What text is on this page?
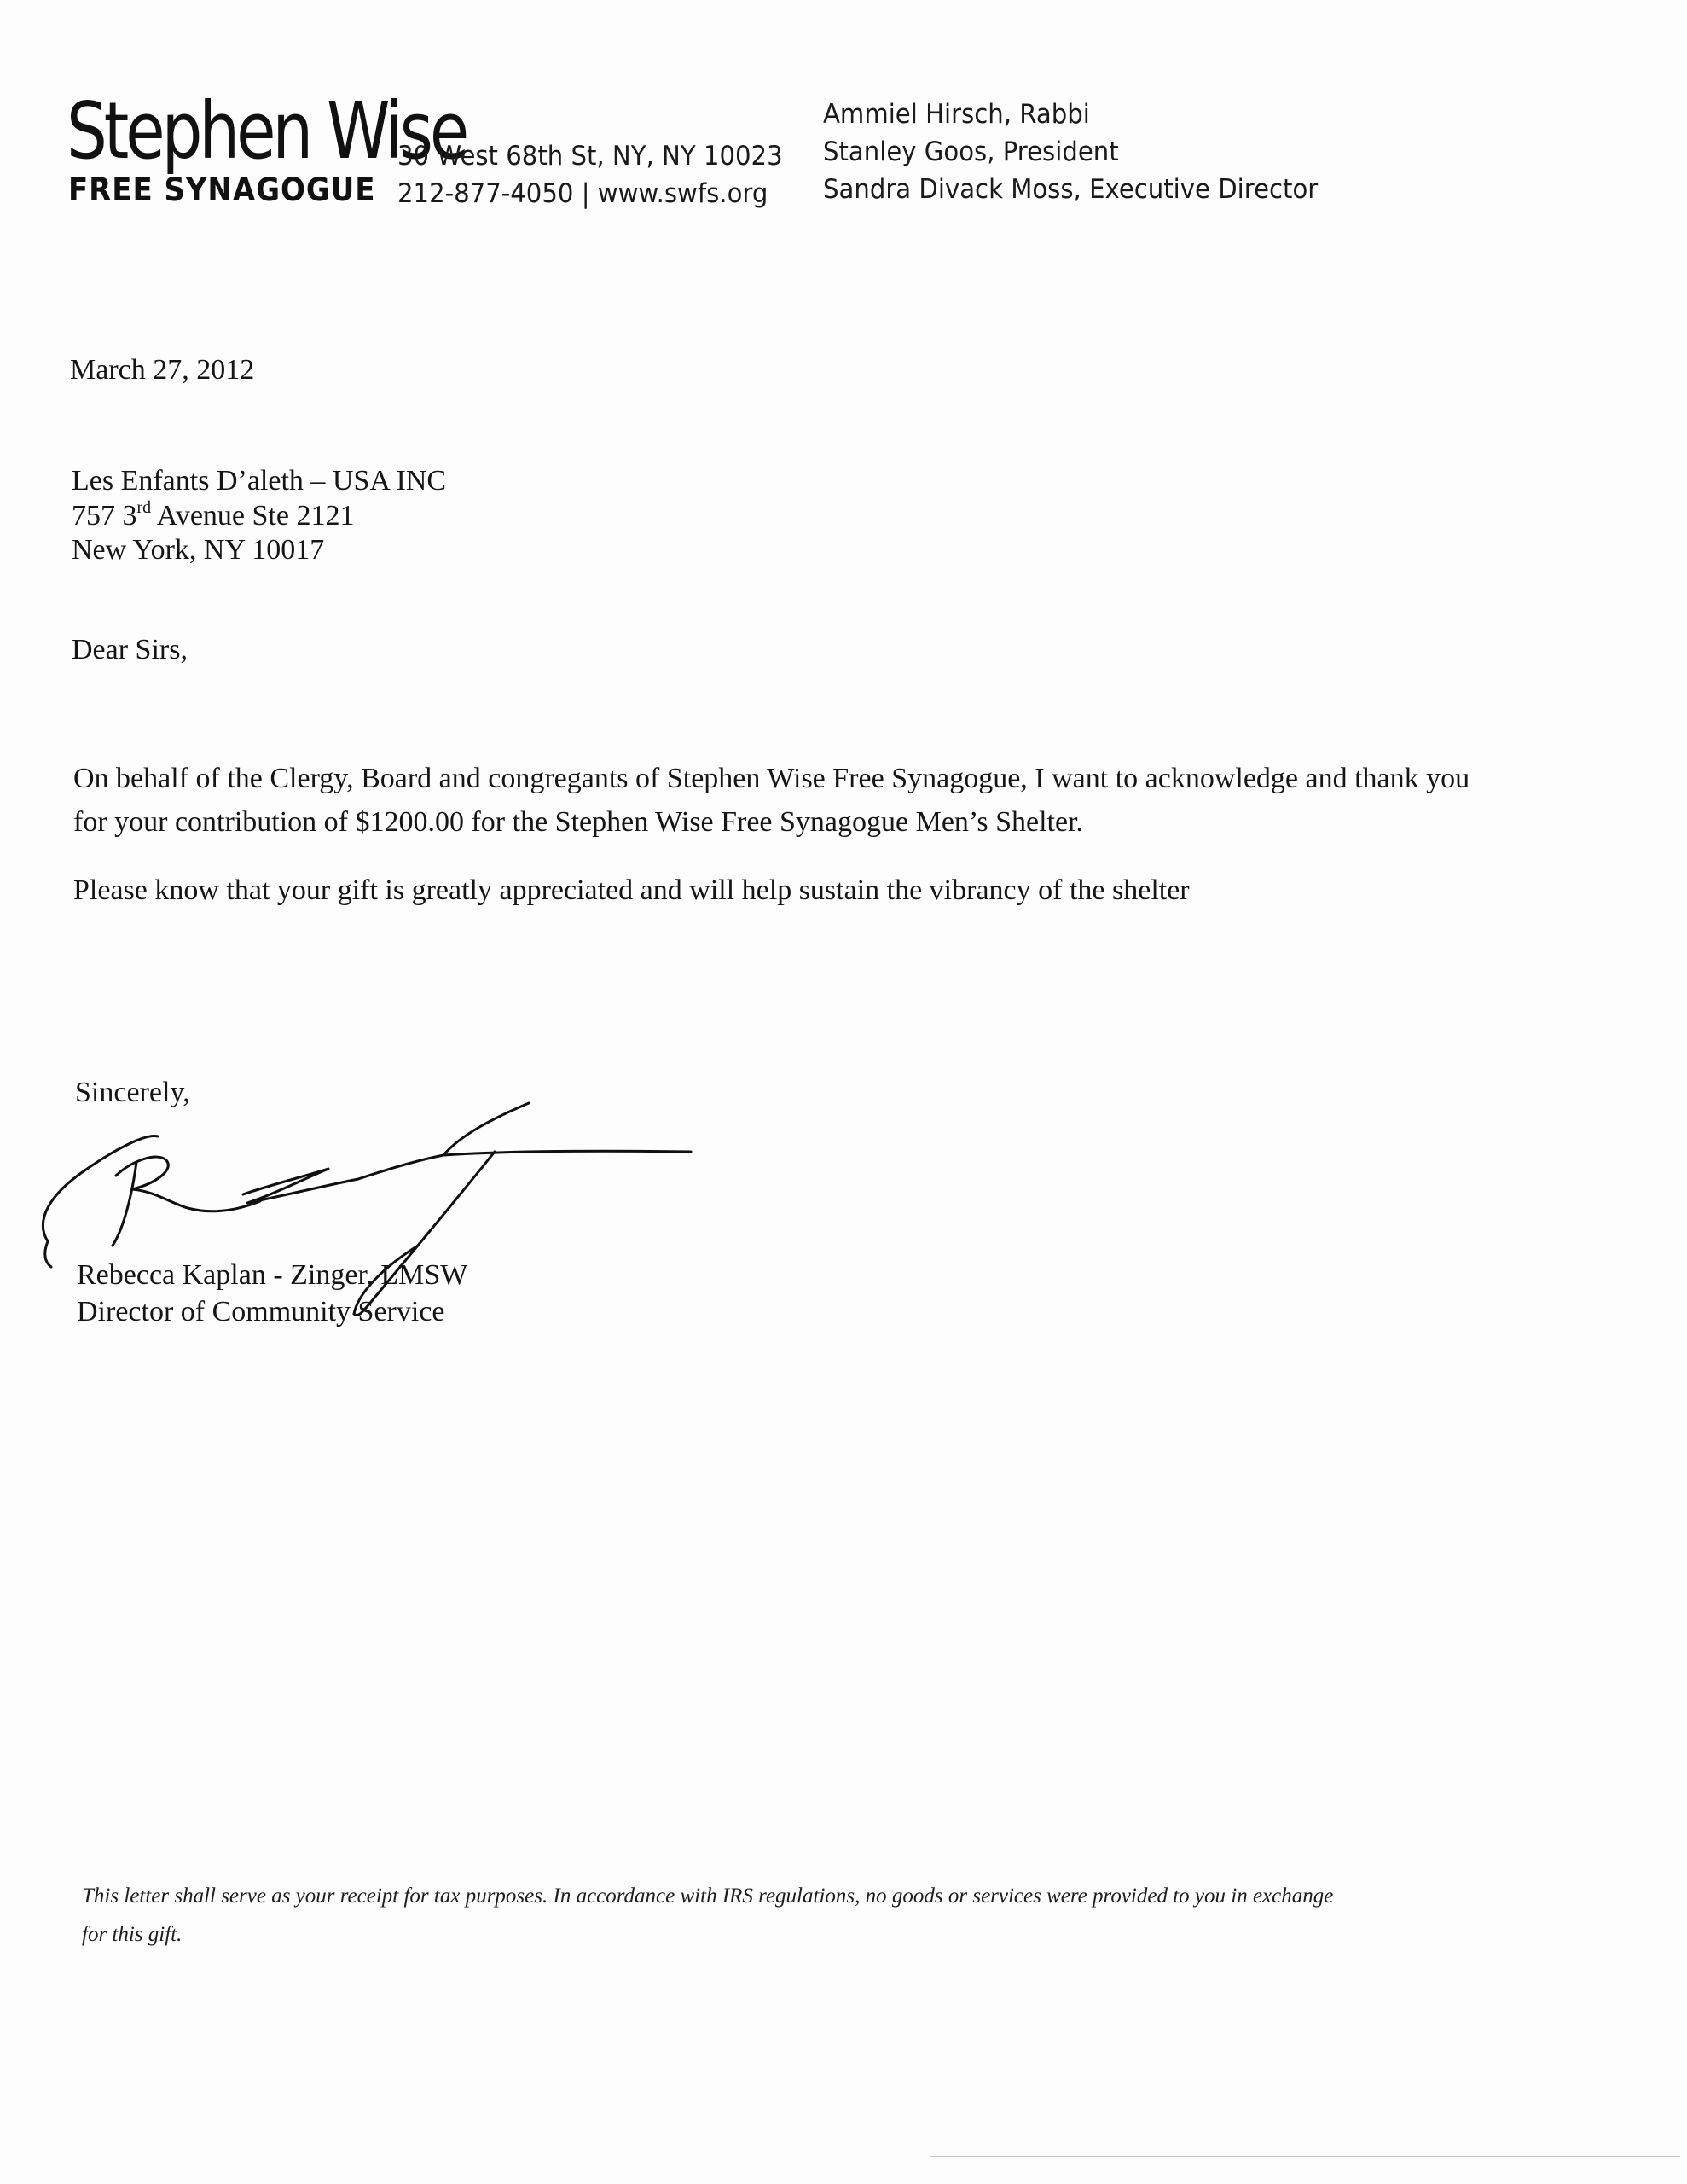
Stephen Wise
FREE SYNAGOGUE
30 West 68th St, NY, NY 10023
212-877-4050 | www.swfs.org
Ammiel Hirsch, Rabbi
Stanley Goos, President
Sandra Divack Moss, Executive Director
March 27, 2012
Les Enfants D’aleth – USA INC
757 3rd Avenue Ste 2121
New York, NY 10017
Dear Sirs,
On behalf of the Clergy, Board and congregants of Stephen Wise Free Synagogue, I want to acknowledge and thank you
for your contribution of $1200.00 for the Stephen Wise Free Synagogue Men’s Shelter.
Please know that your gift is greatly appreciated and will help sustain the vibrancy of the shelter
Sincerely,
Rebecca Kaplan - Zinger, LMSW
Director of Community Service
This letter shall serve as your receipt for tax purposes. In accordance with IRS regulations, no goods or services were provided to you in exchange
for this gift.
